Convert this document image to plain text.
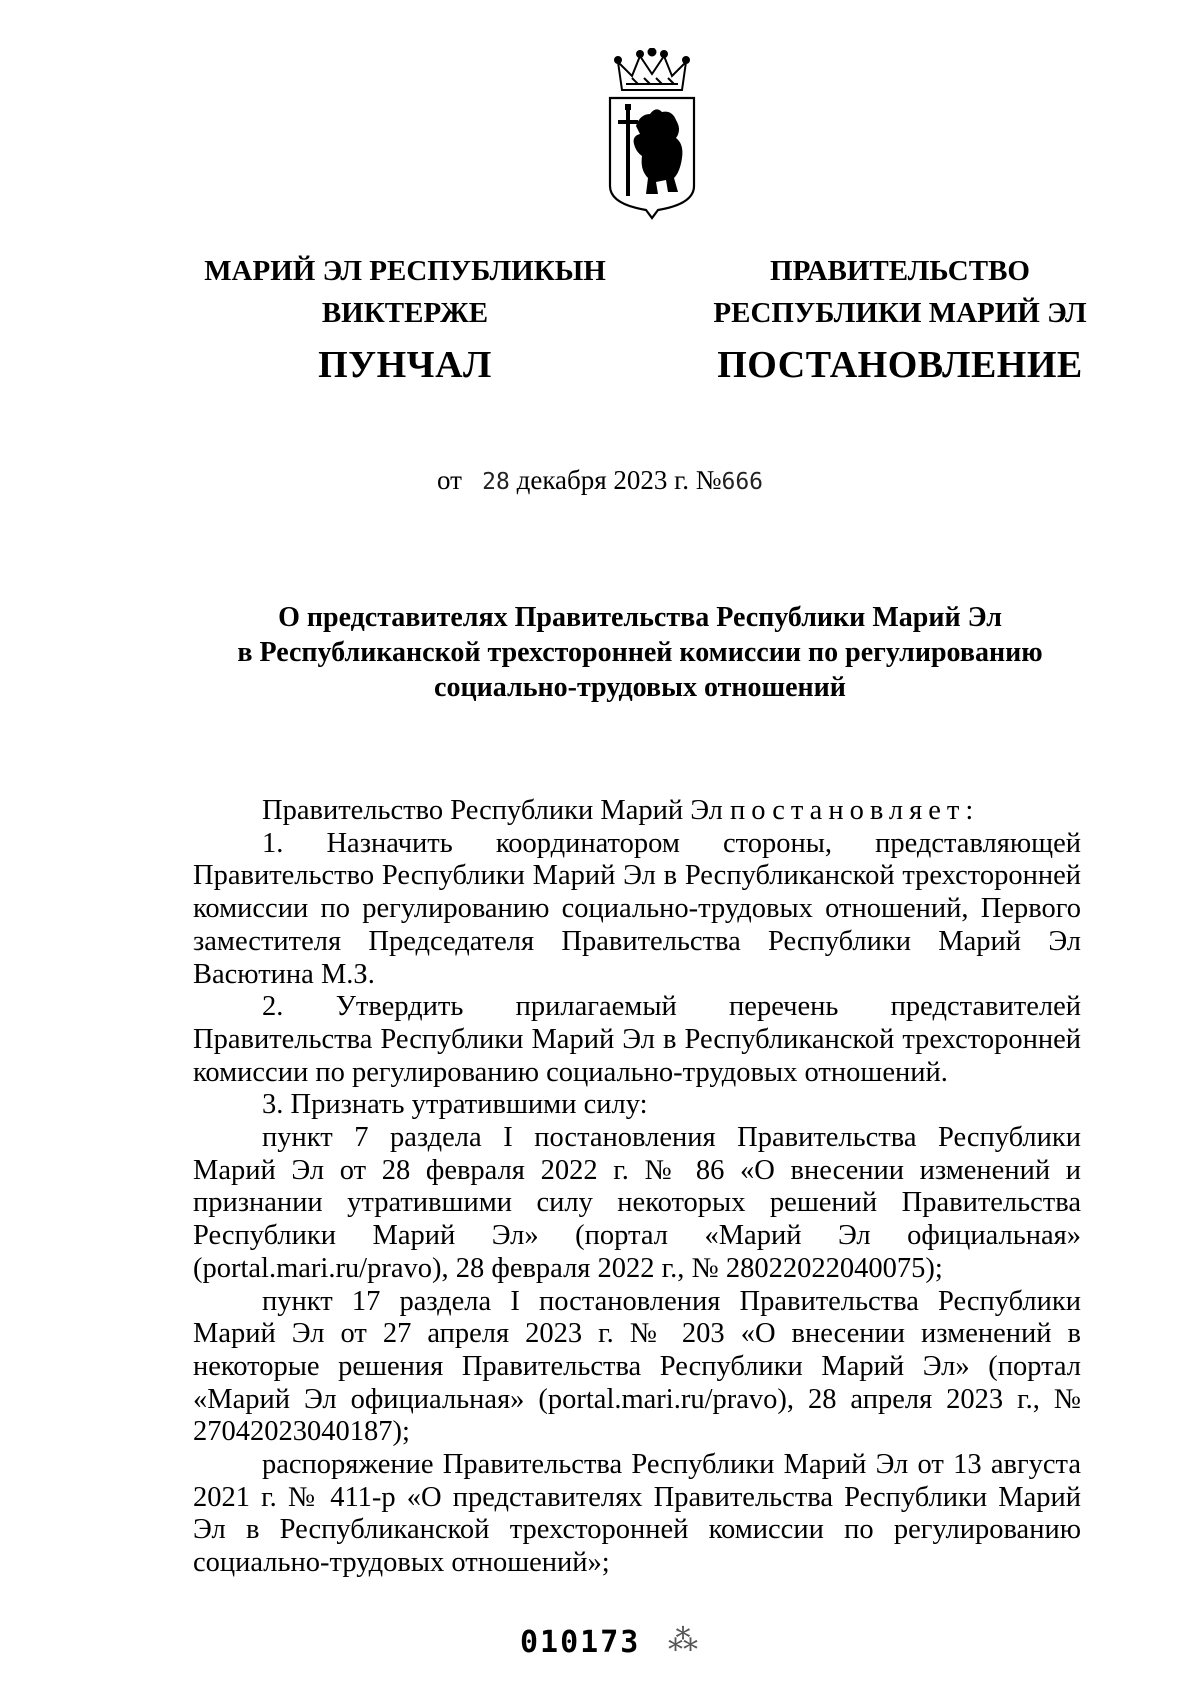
МАРИЙ ЭЛ РЕСПУБЛИКЫН
ВИКТЕРЖЕ
ПУНЧАЛ
ПРАВИТЕЛЬСТВО
РЕСПУБЛИКИ МАРИЙ ЭЛ
ПОСТАНОВЛЕНИЕ
от 28 декабря 2023 г. №666
О представителях Правительства Республики Марий Эл
в Республиканской трехсторонней комиссии по регулированию
социально-трудовых отношений

Правительство Республики Марий Эл постановляет:

1. Назначить координатором стороны, представляющей Правительство Республики Марий Эл в Республиканской трехсторонней комиссии по регулированию социально-трудовых отношений, Первого заместителя Председателя Правительства Республики Марий Эл Васютина М.З.

2. Утвердить прилагаемый перечень представителей Правительства Республики Марий Эл в Республиканской трехсторонней комиссии по регулированию социально-трудовых отношений.

3. Признать утратившими силу:

пункт 7 раздела I постановления Правительства Республики Марий Эл от 28 февраля 2022 г. № 86 «О внесении изменений и признании утратившими силу некоторых решений Правительства Республики Марий Эл» (портал «Марий Эл официальная» (portal.mari.ru/pravo), 28 февраля 2022 г., № 28022022040075);

пункт 17 раздела I постановления Правительства Республики Марий Эл от 27 апреля 2023 г. № 203 «О внесении изменений в некоторые решения Правительства Республики Марий Эл» (портал «Марий Эл официальная» (portal.mari.ru/pravo), 28 апреля 2023 г., № 27042023040187);

распоряжение Правительства Республики Марий Эл от 13 августа 2021 г. № 411-р «О представителях Правительства Республики Марий Эл в Республиканской трехсторонней комиссии по регулированию социально-трудовых отношений»;

010173 ⁂
